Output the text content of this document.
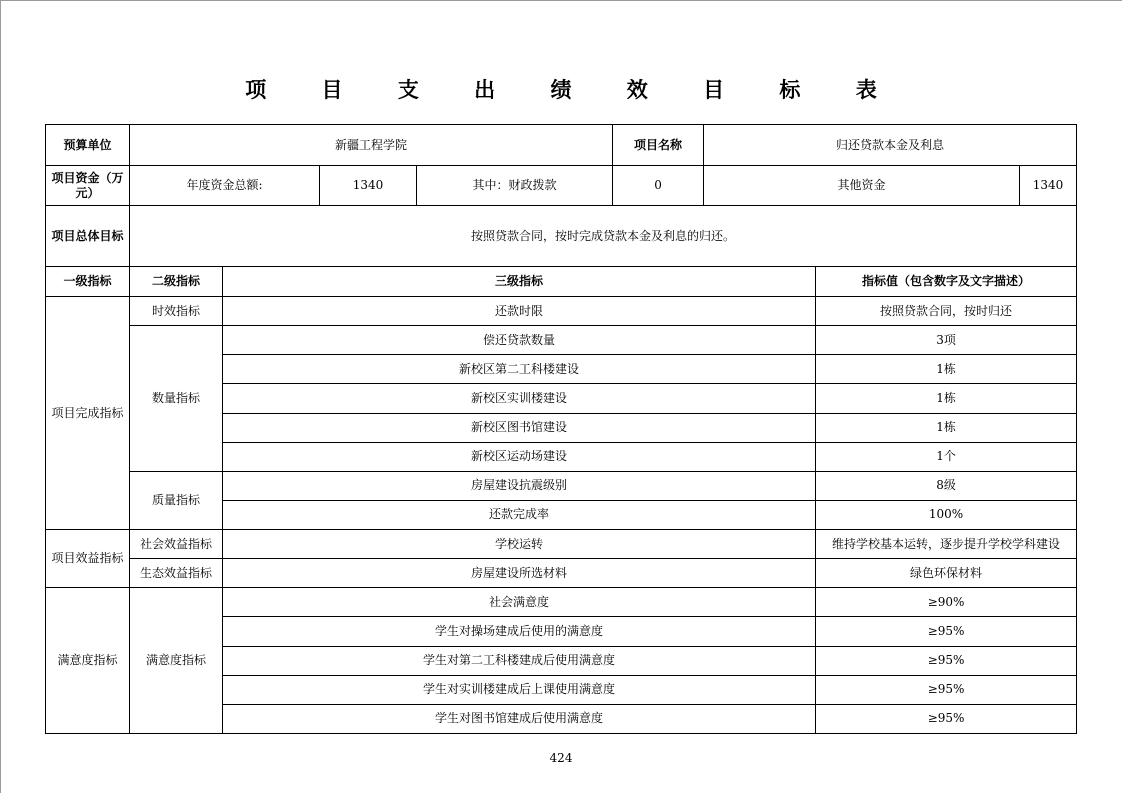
项 目 支 出 绩 效 目 标 表
预算单位	新疆工程学院				项目名称	归还贷款本金及利息		
项目资金（万元）	年度资金总额:		1340	其中：财政拨款	0	其他资金		1340
项目总体目标	按照贷款合同，按时完成贷款本金及利息的归还。							
一级指标	二级指标	三级指标					指标值（包含数字及文字描述）	
项目完成指标	时效指标	还款时限					按照贷款合同，按时归还	
	数量指标	偿还贷款数量					3项	
		新校区第二工科楼建设					1栋	
		新校区实训楼建设					1栋	
		新校区图书馆建设					1栋	
		新校区运动场建设					1个	
	质量指标	房屋建设抗震级别					8级	
		还款完成率					100%	
项目效益指标	社会效益指标	学校运转					维持学校基本运转，逐步提升学校学科建设	
	生态效益指标	房屋建设所选材料					绿色环保材料	
满意度指标	满意度指标	社会满意度					≥90%	
		学生对操场建成后使用的满意度					≥95%	
		学生对第二工科楼建成后使用满意度					≥95%	
		学生对实训楼建成后上课使用满意度					≥95%	
		学生对图书馆建成后使用满意度					≥95%	
424
